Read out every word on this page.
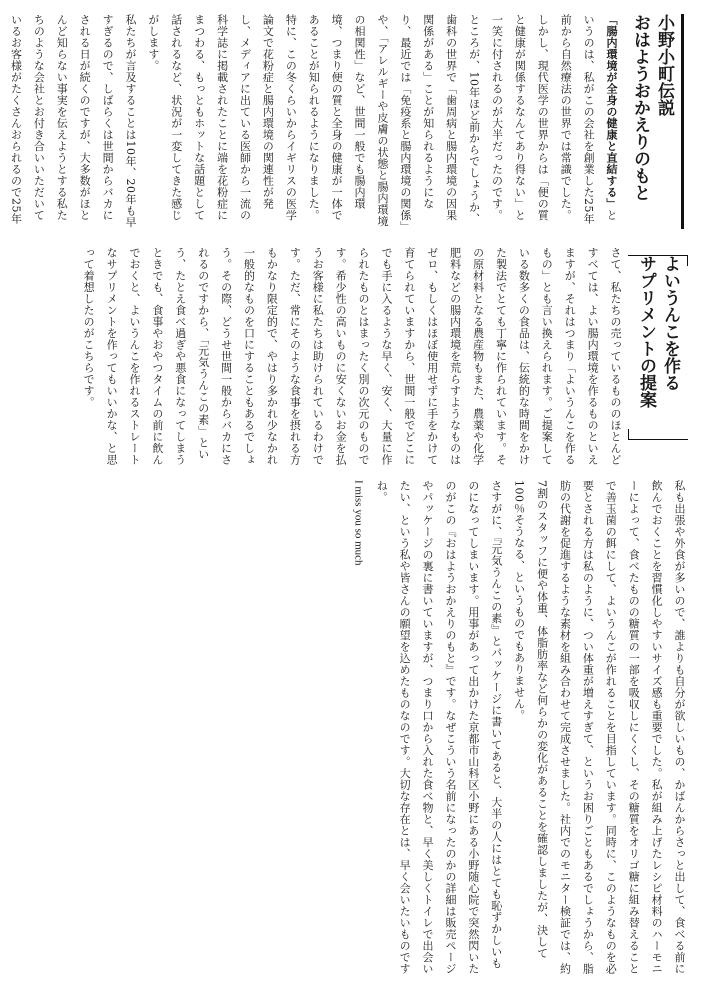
小野小町伝説
おはようおかえりのもと
「腸内環境が全身の健康と直結する」というのは、私がこの会社を創業した25年前から自然療法の世界では常識でした。しかし、現代医学の世界からは「便の質と健康が関係するなんてあり得ない」と一笑に付されるのが大半だったのです。ところが、10年ほど前からでしょうか、歯科の世界で「歯周病と腸内環境の因果関係がある」ことが知られるようになり、最近では「免疫系と腸内環境の関係」や、「アレルギーや皮膚の状態と腸内環境の相関性」など、世間一般でも腸内環境、つまり便の質と全身の健康が一体であることが知られるようになりました。特に、この冬くらいからイギリスの医学論文で花粉症と腸内環境の関連性が発し、メディアに出ている医師から一流の科学誌に掲載されたことに端を花粉症にまつわる、もっともホットな話題として話されるなど、状況が一変してきた感じがします。
私たちが言及することは10年、20年も早すぎるので、しばらくは世間からバカにされる日が続くのですが、大多数がほとんど知らない事実を伝えようとする私たちのような会社とお付き合いいただいているお客様がたくさんおられるので25年
よいうんこを作る
サプリメントの提案
さて、私たちの売っているもののほとんどすべては、よい腸内環境を作るものといえますが、それはつまり「よいうんこを作るもの」とも言い換えられます。ご提案している数多くの食品は、伝統的な時間をかけた製法でとても丁寧に作られています。その原材料となる農産物もまた、農薬や化学肥料などの腸内環境を荒らすようなものはゼロ、もしくはほぼ使用せずに手をかけて育てられていますから、世間一般でどこにでも手に入るような早く、安く、大量に作られたものとはまったく別の次元のものです。希少性の高いものに安くないお金を払うお客様に私たちは助けられているわけです。ただ、常にそのような食事を摂れる方もかなり限定的で、やはり多かれ少なかれ一般的なものを口にすることもあるでしょう。その際、どうせ世間一般からバカにされるのですから、「元気うんこの素」という、たとえ食べ過ぎや悪食になってしまうときでも、食事やおやつタイムの前に飲んでおくと、よいうんこを作れるストレートなサプリメントを作ってもいいかな、と思って着想したのがこちらです。
私も出張や外食が多いので、誰よりも自分が欲しいもの、かばんからさっと出して、食べる前に飲んでおくことを習慣化しやすいサイズ感も重要でした。私が組み上げたレシピ材料のハーモニーによって、食べたものの糖質の一部を吸収しにくくし、その糖質をオリゴ糖に組み替えることで善玉菌の餌にして、よいうんこが作れることを目指しています。同時に、このようなものを必要とされる方は私のように、つい体重が増えすぎて、というお困りごともあるでしょうから、脂肪の代謝を促進するような素材を組み合わせて完成させました。社内でのモニター検証では、約7割のスタッフに便や体重、体脂肪率など何らかの変化があることを確認しましたが、決して100％そうなる、というものでもありません。
さすがに、『元気うんこの素』とパッケージに書いてあると、大半の人にはとても恥ずかしいものになってしまいます。用事があって出かけた京都市山科区小野にある小野随心院で突然閃いたのがこの『おはようおかえりのもと』です。なぜこういう名前になったのかの詳細は販売ページやパッケージの裏に書いていますが、つまり口から入れた食べ物と、早く美しくトイレで出会いたい、という私や皆さんの願望を込めたものなのです。大切な存在とは、早く会いたいものですね。
I miss you so much
